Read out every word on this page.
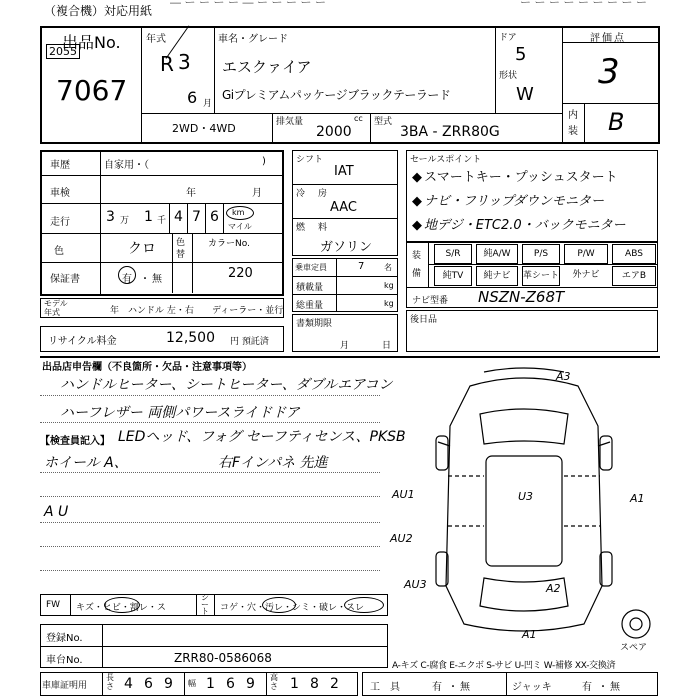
（複合機）対応用紙
― ー ー ー ー ― ー ー ー ー ー	ー ー ー ー ー ー ー ー ー
出品No.
2055
7067
年式
R 3
6 月
車名・グレード
エスクァイア
Giプレミアムパッケージブラックテーラード
ドア
5
形状
W
評価点
3
内
装 B
2WD・4WD	排気量	cc
2000
型式
3BA - ZRR80G
車歴	自家用・（	)
車検	年	月
走行	3 万 1 千 4 7 6 km
マイル
色	クロ 色
替
カラーNo.
220
保証書	有 ・ 無
モデル
年式	年 ハンドル 左・右 ディーラー・並行
リサイクル料金	12,500 円 預託済
シフト
IAT
冷 房
AAC
燃 料
ガソリン
乗車定員	7 名
積載量	kg
総重量	kg
書類期限
月	日
セールスポイント
◆ スマートキー・プッシュスタート
◆ ナビ・フリップダウンモニター
◆ 地デジ・ETC2.0・バックモニター
装
備
S/R	純A/W	P/S	P/W	ABS
純TV	純ナビ	革シート	外ナビ	エアB
ナビ型番 NSZN-Z68T
後日品
出品店申告欄（不良箇所・欠品・注意事項等）
ハンドルヒーター、シートヒーター、ダブルエアコン
ハーフレザー 両側パワースライドドア
【検査員記入】 LEDヘッド、フォグ セーフティセンス、PKSB
ホイール A、	右Fインパネ 先進
A U
A3
AU1	U3	A1
AU2
AU3	A2
A1
スペア
FW キズ・ヒビ・割レ・ス
シ
ー
ト コゲ・穴・汚レ・シミ・破レ・スレ
登録No.
車台No.	ZRR80-0586068
車庫証明用
長さ 4 6 9 幅 1 6 9 高さ 1 8 2
A-キズ C-腐食 E-エクボ S-サビ U-凹ミ W-補修 XX-交換済
工　具	有 ・ 無	ジャッキ	有 ・ 無
